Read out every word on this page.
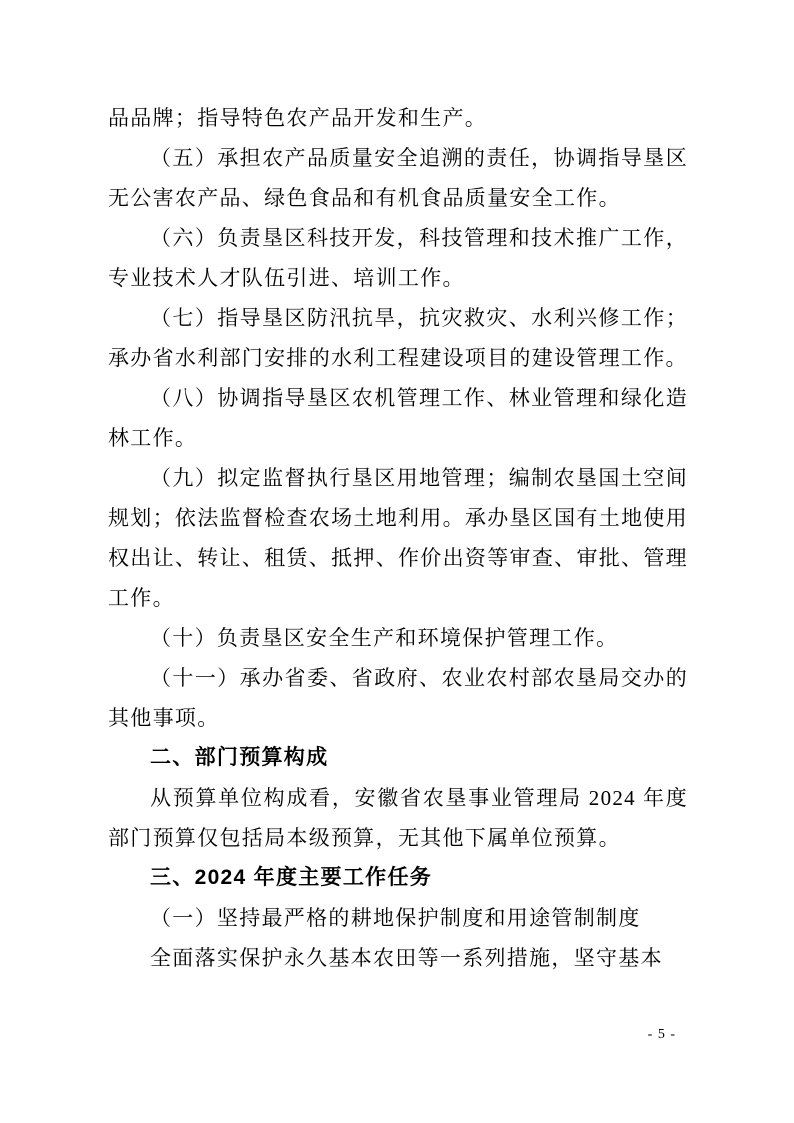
品品牌；指导特色农产品开发和生产。

（五）承担农产品质量安全追溯的责任，协调指导垦区无公害农产品、绿色食品和有机食品质量安全工作。

（六）负责垦区科技开发，科技管理和技术推广工作，专业技术人才队伍引进、培训工作。

（七）指导垦区防汛抗旱，抗灾救灾、水利兴修工作；承办省水利部门安排的水利工程建设项目的建设管理工作。

（八）协调指导垦区农机管理工作、林业管理和绿化造林工作。

（九）拟定监督执行垦区用地管理；编制农垦国土空间规划；依法监督检查农场土地利用。承办垦区国有土地使用权出让、转让、租赁、抵押、作价出资等审查、审批、管理工作。

（十）负责垦区安全生产和环境保护管理工作。

（十一）承办省委、省政府、农业农村部农垦局交办的其他事项。

二、部门预算构成

从预算单位构成看，安徽省农垦事业管理局 2024 年度部门预算仅包括局本级预算，无其他下属单位预算。

三、2024 年度主要工作任务

（一）坚持最严格的耕地保护制度和用途管制制度

全面落实保护永久基本农田等一系列措施，坚守基本

- 5 -
